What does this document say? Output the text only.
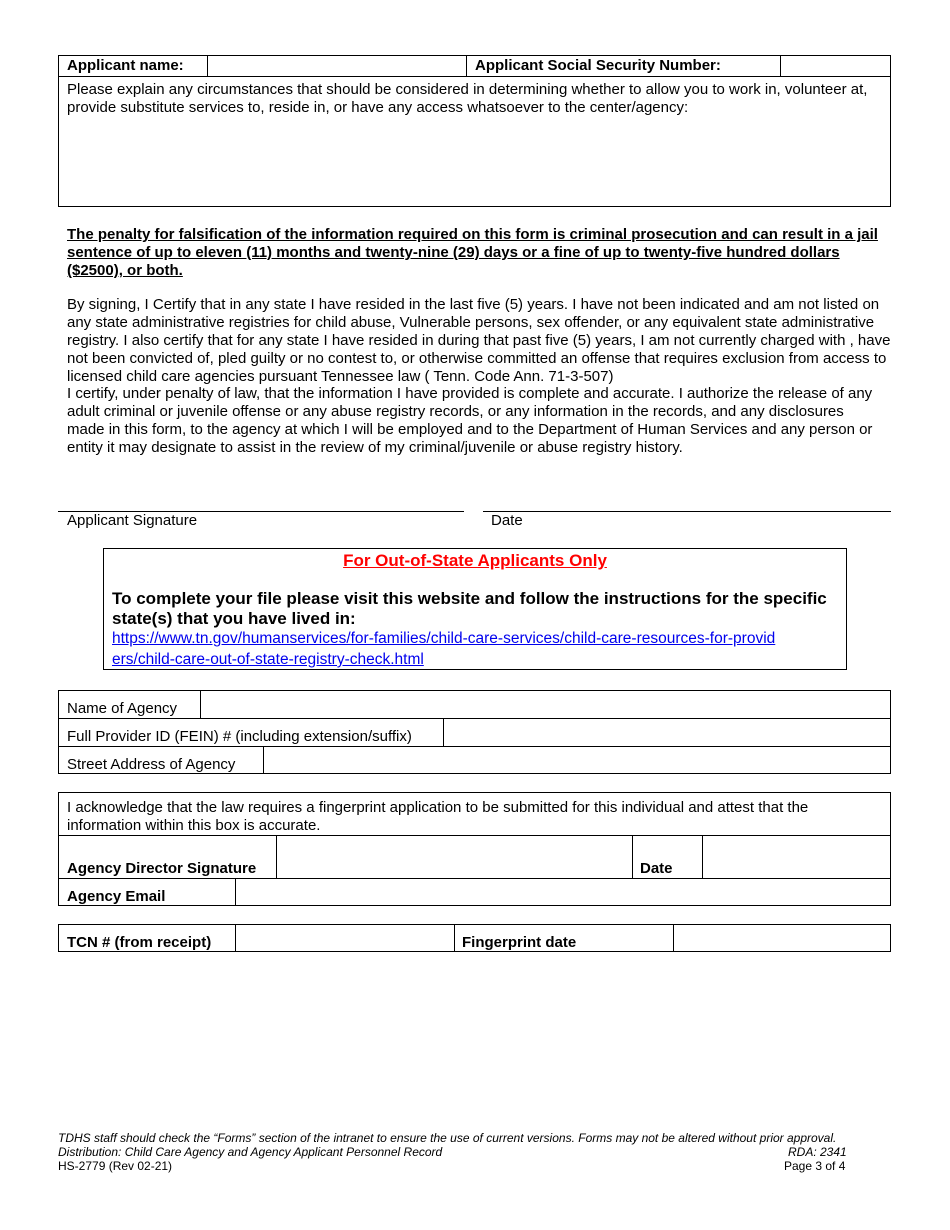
Applicant name:	Applicant Social Security Number:
Please explain any circumstances that should be considered in determining whether to allow you to work in, volunteer at, provide substitute services to, reside in, or have any access whatsoever to the center/agency:
The penalty for falsification of the information required on this form is criminal prosecution and can result in a jail sentence of up to eleven (11) months and twenty-nine (29) days or a fine of up to twenty-five hundred dollars ($2500), or both.
By signing, I Certify that in any state I have resided in the last five (5) years. I have not been indicated and am not listed on any state administrative registries for child abuse, Vulnerable persons, sex offender, or any equivalent state administrative registry. I also certify that for any state I have resided in during that past five (5) years, I am not currently charged with , have not been convicted of, pled guilty or no contest to, or otherwise committed an offense that requires exclusion from access to licensed child care agencies pursuant Tennessee law ( Tenn. Code Ann. 71-3-507)
I certify, under penalty of law, that the information I have provided is complete and accurate. I authorize the release of any adult criminal or juvenile offense or any abuse registry records, or any information in the records, and any disclosures made in this form, to the agency at which I will be employed and to the Department of Human Services and any person or entity it may designate to assist in the review of my criminal/juvenile or abuse registry history.
Applicant Signature	Date
For Out-of-State Applicants Only
To complete your file please visit this website and follow the instructions for the specific state(s) that you have lived in:
https://www.tn.gov/humanservices/for-families/child-care-services/child-care-resources-for-providers/child-care-out-of-state-registry-check.html
Name of Agency
Full Provider ID (FEIN) # (including extension/suffix)
Street Address of Agency
I acknowledge that the law requires a fingerprint application to be submitted for this individual and attest that the information within this box is accurate.
Agency Director Signature	Date
Agency Email
TCN # (from receipt)	Fingerprint date
TDHS staff should check the “Forms” section of the intranet to ensure the use of current versions. Forms may not be altered without prior approval.
Distribution: Child Care Agency and Agency Applicant Personnel Record	RDA: 2341
HS-2779 (Rev 02-21)	Page 3 of 4
